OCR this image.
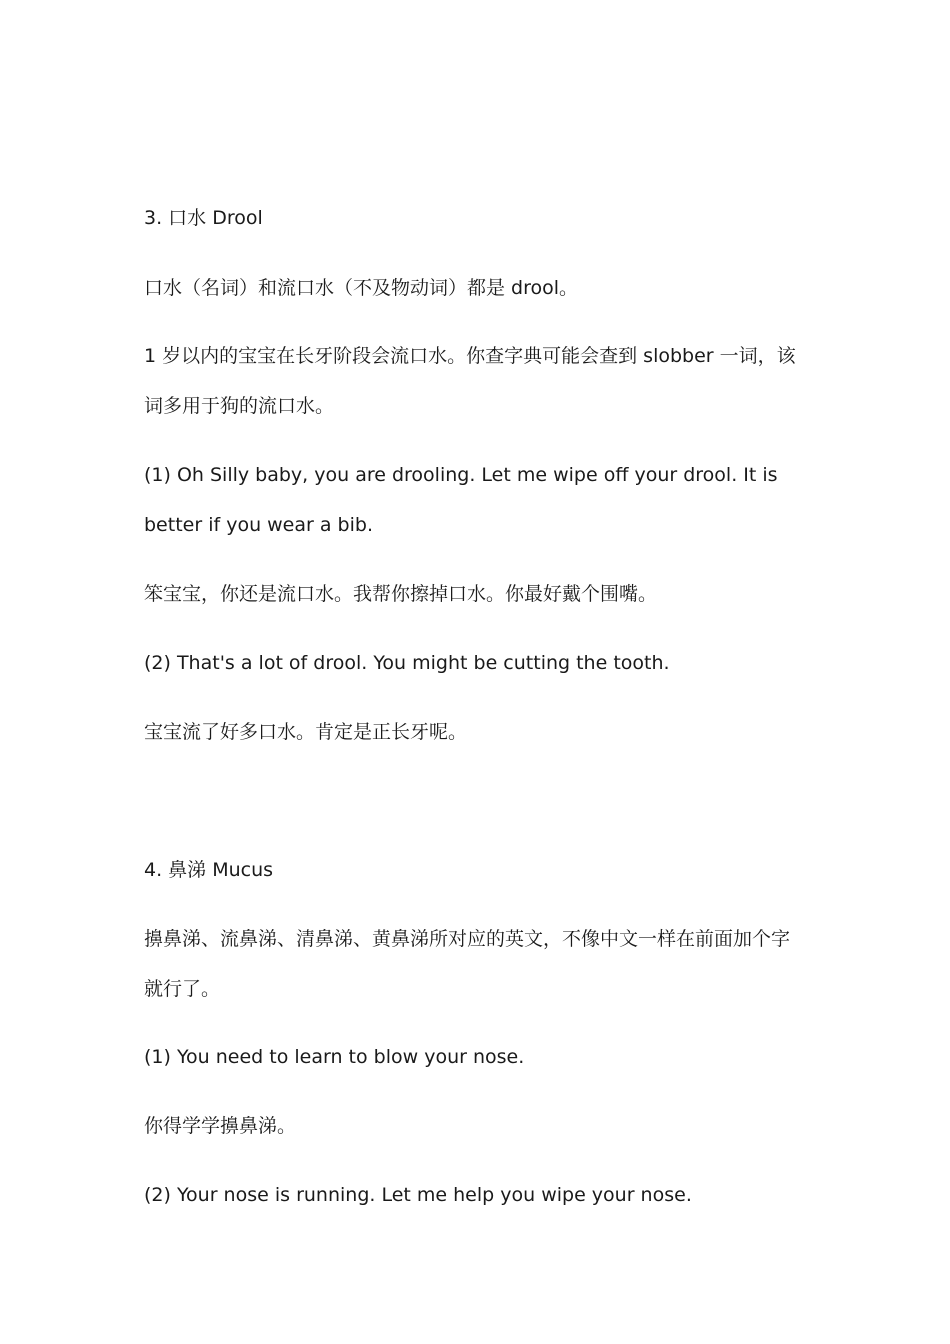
3. 口水 Drool
口水（名词）和流口水（不及物动词）都是 drool。
1 岁以内的宝宝在长牙阶段会流口水。你查字典可能会查到 slobber 一词，该
词多用于狗的流口水。
(1) Oh Silly baby, you are drooling. Let me wipe off your drool. It is
better if you wear a bib.
笨宝宝，你还是流口水。我帮你擦掉口水。你最好戴个围嘴。
(2) That's a lot of drool. You might be cutting the tooth.
宝宝流了好多口水。肯定是正长牙呢。
4. 鼻涕 Mucus
擤鼻涕、流鼻涕、清鼻涕、黄鼻涕所对应的英文，不像中文一样在前面加个字
就行了。
(1) You need to learn to blow your nose.
你得学学擤鼻涕。
(2) Your nose is running. Let me help you wipe your nose.
